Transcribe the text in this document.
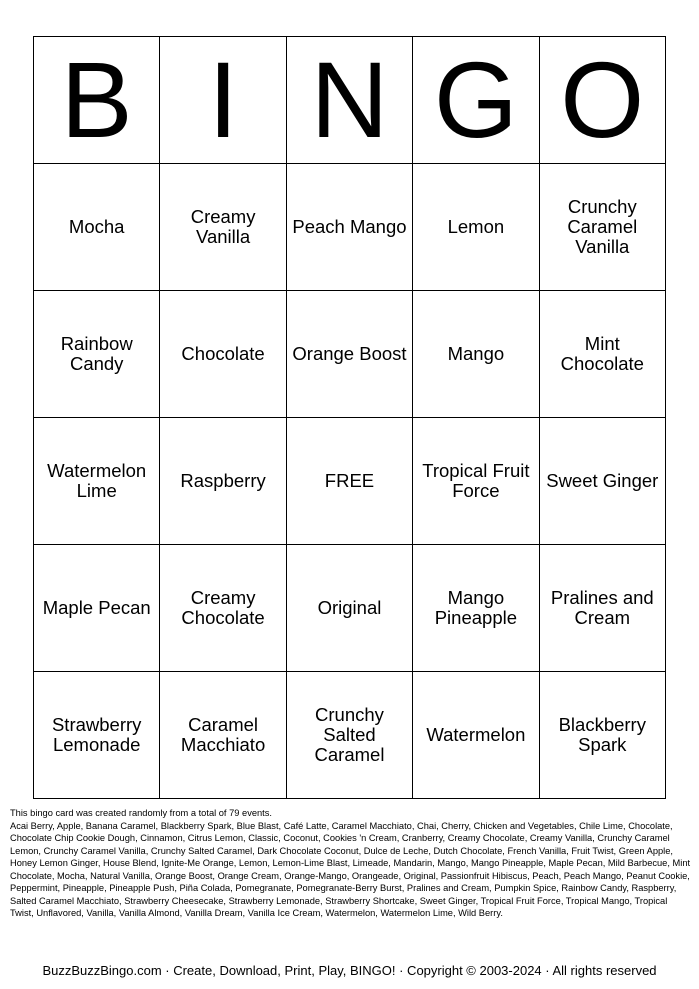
B	I	N	G	O
Mocha	Creamy Vanilla	Peach Mango	Lemon	Crunchy Caramel Vanilla
Rainbow Candy	Chocolate	Orange Boost	Mango	Mint Chocolate
Watermelon Lime	Raspberry	FREE	Tropical Fruit Force	Sweet Ginger
Maple Pecan	Creamy Chocolate	Original	Mango Pineapple	Pralines and Cream
Strawberry Lemonade	Caramel Macchiato	Crunchy Salted Caramel	Watermelon	Blackberry Spark

This bingo card was created randomly from a total of 79 events.

Acai Berry, Apple, Banana Caramel, Blackberry Spark, Blue Blast, Café Latte, Caramel Macchiato, Chai, Cherry, Chicken and Vegetables, Chile Lime, Chocolate, Chocolate Chip Cookie Dough, Cinnamon, Citrus Lemon, Classic, Coconut, Cookies 'n Cream, Cranberry, Creamy Chocolate, Creamy Vanilla, Crunchy Caramel Lemon, Crunchy Caramel Vanilla, Crunchy Salted Caramel, Dark Chocolate Coconut, Dulce de Leche, Dutch Chocolate, French Vanilla, Fruit Twist, Green Apple, Honey Lemon Ginger, House Blend, Ignite-Me Orange, Lemon, Lemon-Lime Blast, Limeade, Mandarin, Mango, Mango Pineapple, Maple Pecan, Mild Barbecue, Mint Chocolate, Mocha, Natural Vanilla, Orange Boost, Orange Cream, Orange-Mango, Orangeade, Original, Passionfruit Hibiscus, Peach, Peach Mango, Peanut Cookie, Peppermint, Pineapple, Pineapple Push, Piña Colada, Pomegranate, Pomegranate-Berry Burst, Pralines and Cream, Pumpkin Spice, Rainbow Candy, Raspberry, Salted Caramel Macchiato, Strawberry Cheesecake, Strawberry Lemonade, Strawberry Shortcake, Sweet Ginger, Tropical Fruit Force, Tropical Mango, Tropical Twist, Unflavored, Vanilla, Vanilla Almond, Vanilla Dream, Vanilla Ice Cream, Watermelon, Watermelon Lime, Wild Berry.

BuzzBuzzBingo.com · Create, Download, Print, Play, BINGO! · Copyright © 2003-2024 · All rights reserved
